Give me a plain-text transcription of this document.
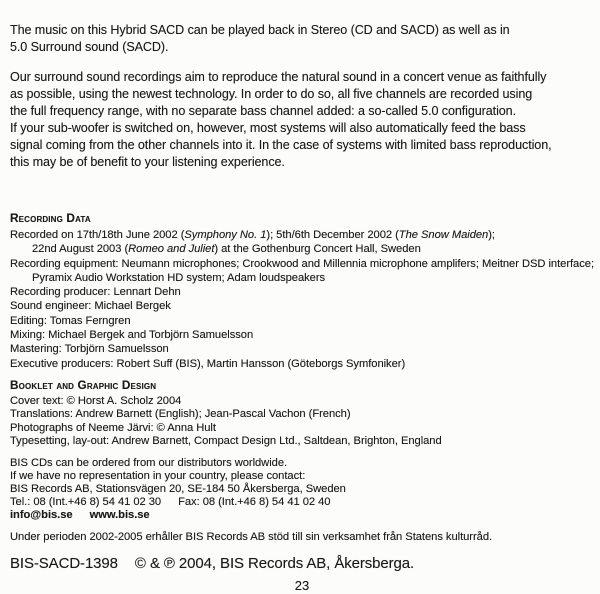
The music on this Hybrid SACD can be played back in Stereo (CD and SACD) as well as in
5.0 Surround sound (SACD).
Our surround sound recordings aim to reproduce the natural sound in a concert venue as faithfully
as possible, using the newest technology. In order to do so, all five channels are recorded using
the full frequency range, with no separate bass channel added: a so-called 5.0 configuration.
If your sub-woofer is switched on, however, most systems will also automatically feed the bass
signal coming from the other channels into it. In the case of systems with limited bass reproduction,
this may be of benefit to your listening experience.
Recording Data
Recorded on 17th/18th June 2002 (Symphony No. 1); 5th/6th December 2002 (The Snow Maiden);
22nd August 2003 (Romeo and Juliet) at the Gothenburg Concert Hall, Sweden
Recording equipment: Neumann microphones; Crookwood and Millennia microphone amplifers; Meitner DSD interface;
Pyramix Audio Workstation HD system; Adam loudspeakers
Recording producer: Lennart Dehn
Sound engineer: Michael Bergek
Editing: Tomas Ferngren
Mixing: Michael Bergek and Torbjörn Samuelsson
Mastering: Torbjörn Samuelsson
Executive producers: Robert Suff (BIS), Martin Hansson (Göteborgs Symfoniker)
Booklet and Graphic Design
Cover text: © Horst A. Scholz 2004
Translations: Andrew Barnett (English); Jean-Pascal Vachon (French)
Photographs of Neeme Järvi: © Anna Hult
Typesetting, lay-out: Andrew Barnett, Compact Design Ltd., Saltdean, Brighton, England
BIS CDs can be ordered from our distributors worldwide.
If we have no representation in your country, please contact:
BIS Records AB, Stationsvägen 20, SE-184 50 Åkersberga, Sweden
Tel.: 08 (Int.+46 8) 54 41 02 30 Fax: 08 (Int.+46 8) 54 41 02 40
info@bis.se www.bis.se
Under perioden 2002-2005 erhåller BIS Records AB stöd till sin verksamhet från Statens kulturråd.
BIS-SACD-1398 © & ℗ 2004, BIS Records AB, Åkersberga.
23
